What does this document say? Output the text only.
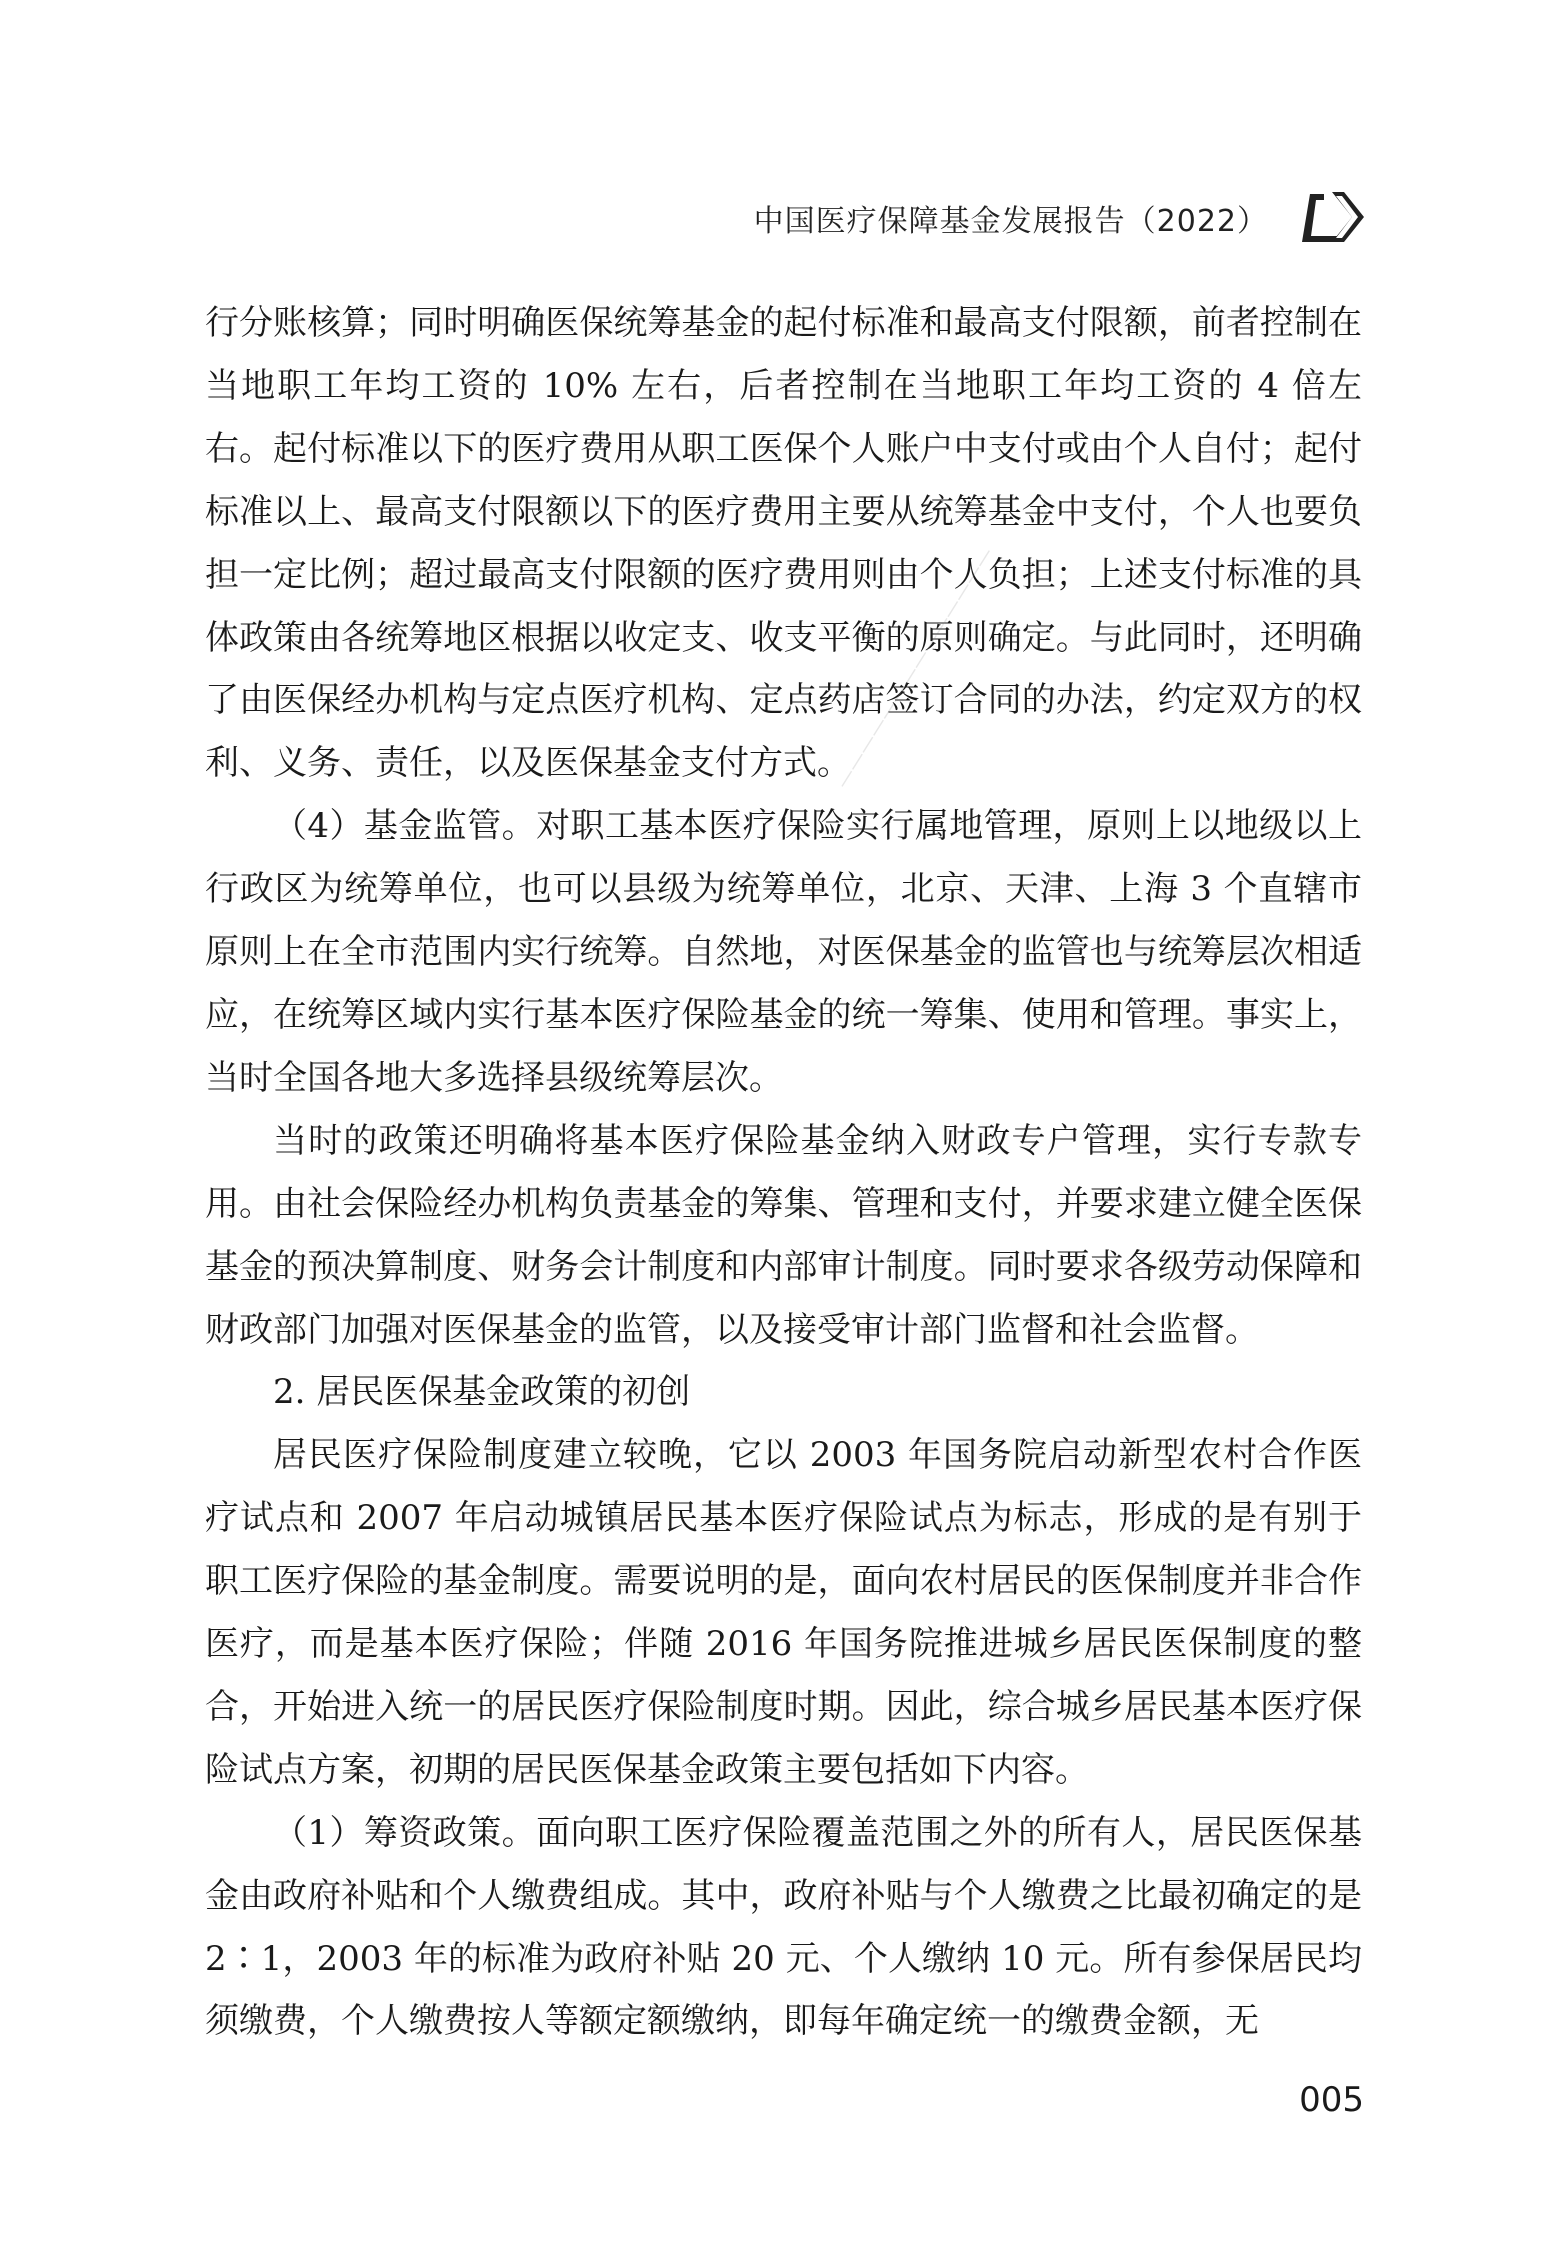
中国医疗保障基金发展报告（2022）

行分账核算；同时明确医保统筹基金的起付标准和最高支付限额，前者控制在当地职工年均工资的 10% 左右，后者控制在当地职工年均工资的 4 倍左右。起付标准以下的医疗费用从职工医保个人账户中支付或由个人自付；起付标准以上、最高支付限额以下的医疗费用主要从统筹基金中支付，个人也要负担一定比例；超过最高支付限额的医疗费用则由个人负担；上述支付标准的具体政策由各统筹地区根据以收定支、收支平衡的原则确定。与此同时，还明确了由医保经办机构与定点医疗机构、定点药店签订合同的办法，约定双方的权利、义务、责任，以及医保基金支付方式。

（4）基金监管。对职工基本医疗保险实行属地管理，原则上以地级以上行政区为统筹单位，也可以县级为统筹单位，北京、天津、上海 3 个直辖市原则上在全市范围内实行统筹。自然地，对医保基金的监管也与统筹层次相适应，在统筹区域内实行基本医疗保险基金的统一筹集、使用和管理。事实上，当时全国各地大多选择县级统筹层次。

当时的政策还明确将基本医疗保险基金纳入财政专户管理，实行专款专用。由社会保险经办机构负责基金的筹集、管理和支付，并要求建立健全医保基金的预决算制度、财务会计制度和内部审计制度。同时要求各级劳动保障和财政部门加强对医保基金的监管，以及接受审计部门监督和社会监督。

2. 居民医保基金政策的初创

居民医疗保险制度建立较晚，它以 2003 年国务院启动新型农村合作医疗试点和 2007 年启动城镇居民基本医疗保险试点为标志，形成的是有别于职工医疗保险的基金制度。需要说明的是，面向农村居民的医保制度并非合作医疗，而是基本医疗保险；伴随 2016 年国务院推进城乡居民医保制度的整合，开始进入统一的居民医疗保险制度时期。因此，综合城乡居民基本医疗保险试点方案，初期的居民医保基金政策主要包括如下内容。

（1）筹资政策。面向职工医疗保险覆盖范围之外的所有人，居民医保基金由政府补贴和个人缴费组成。其中，政府补贴与个人缴费之比最初确定的是 2∶1，2003 年的标准为政府补贴 20 元、个人缴纳 10 元。所有参保居民均须缴费，个人缴费按人等额定额缴纳，即每年确定统一的缴费金额，无

——————————————
005
